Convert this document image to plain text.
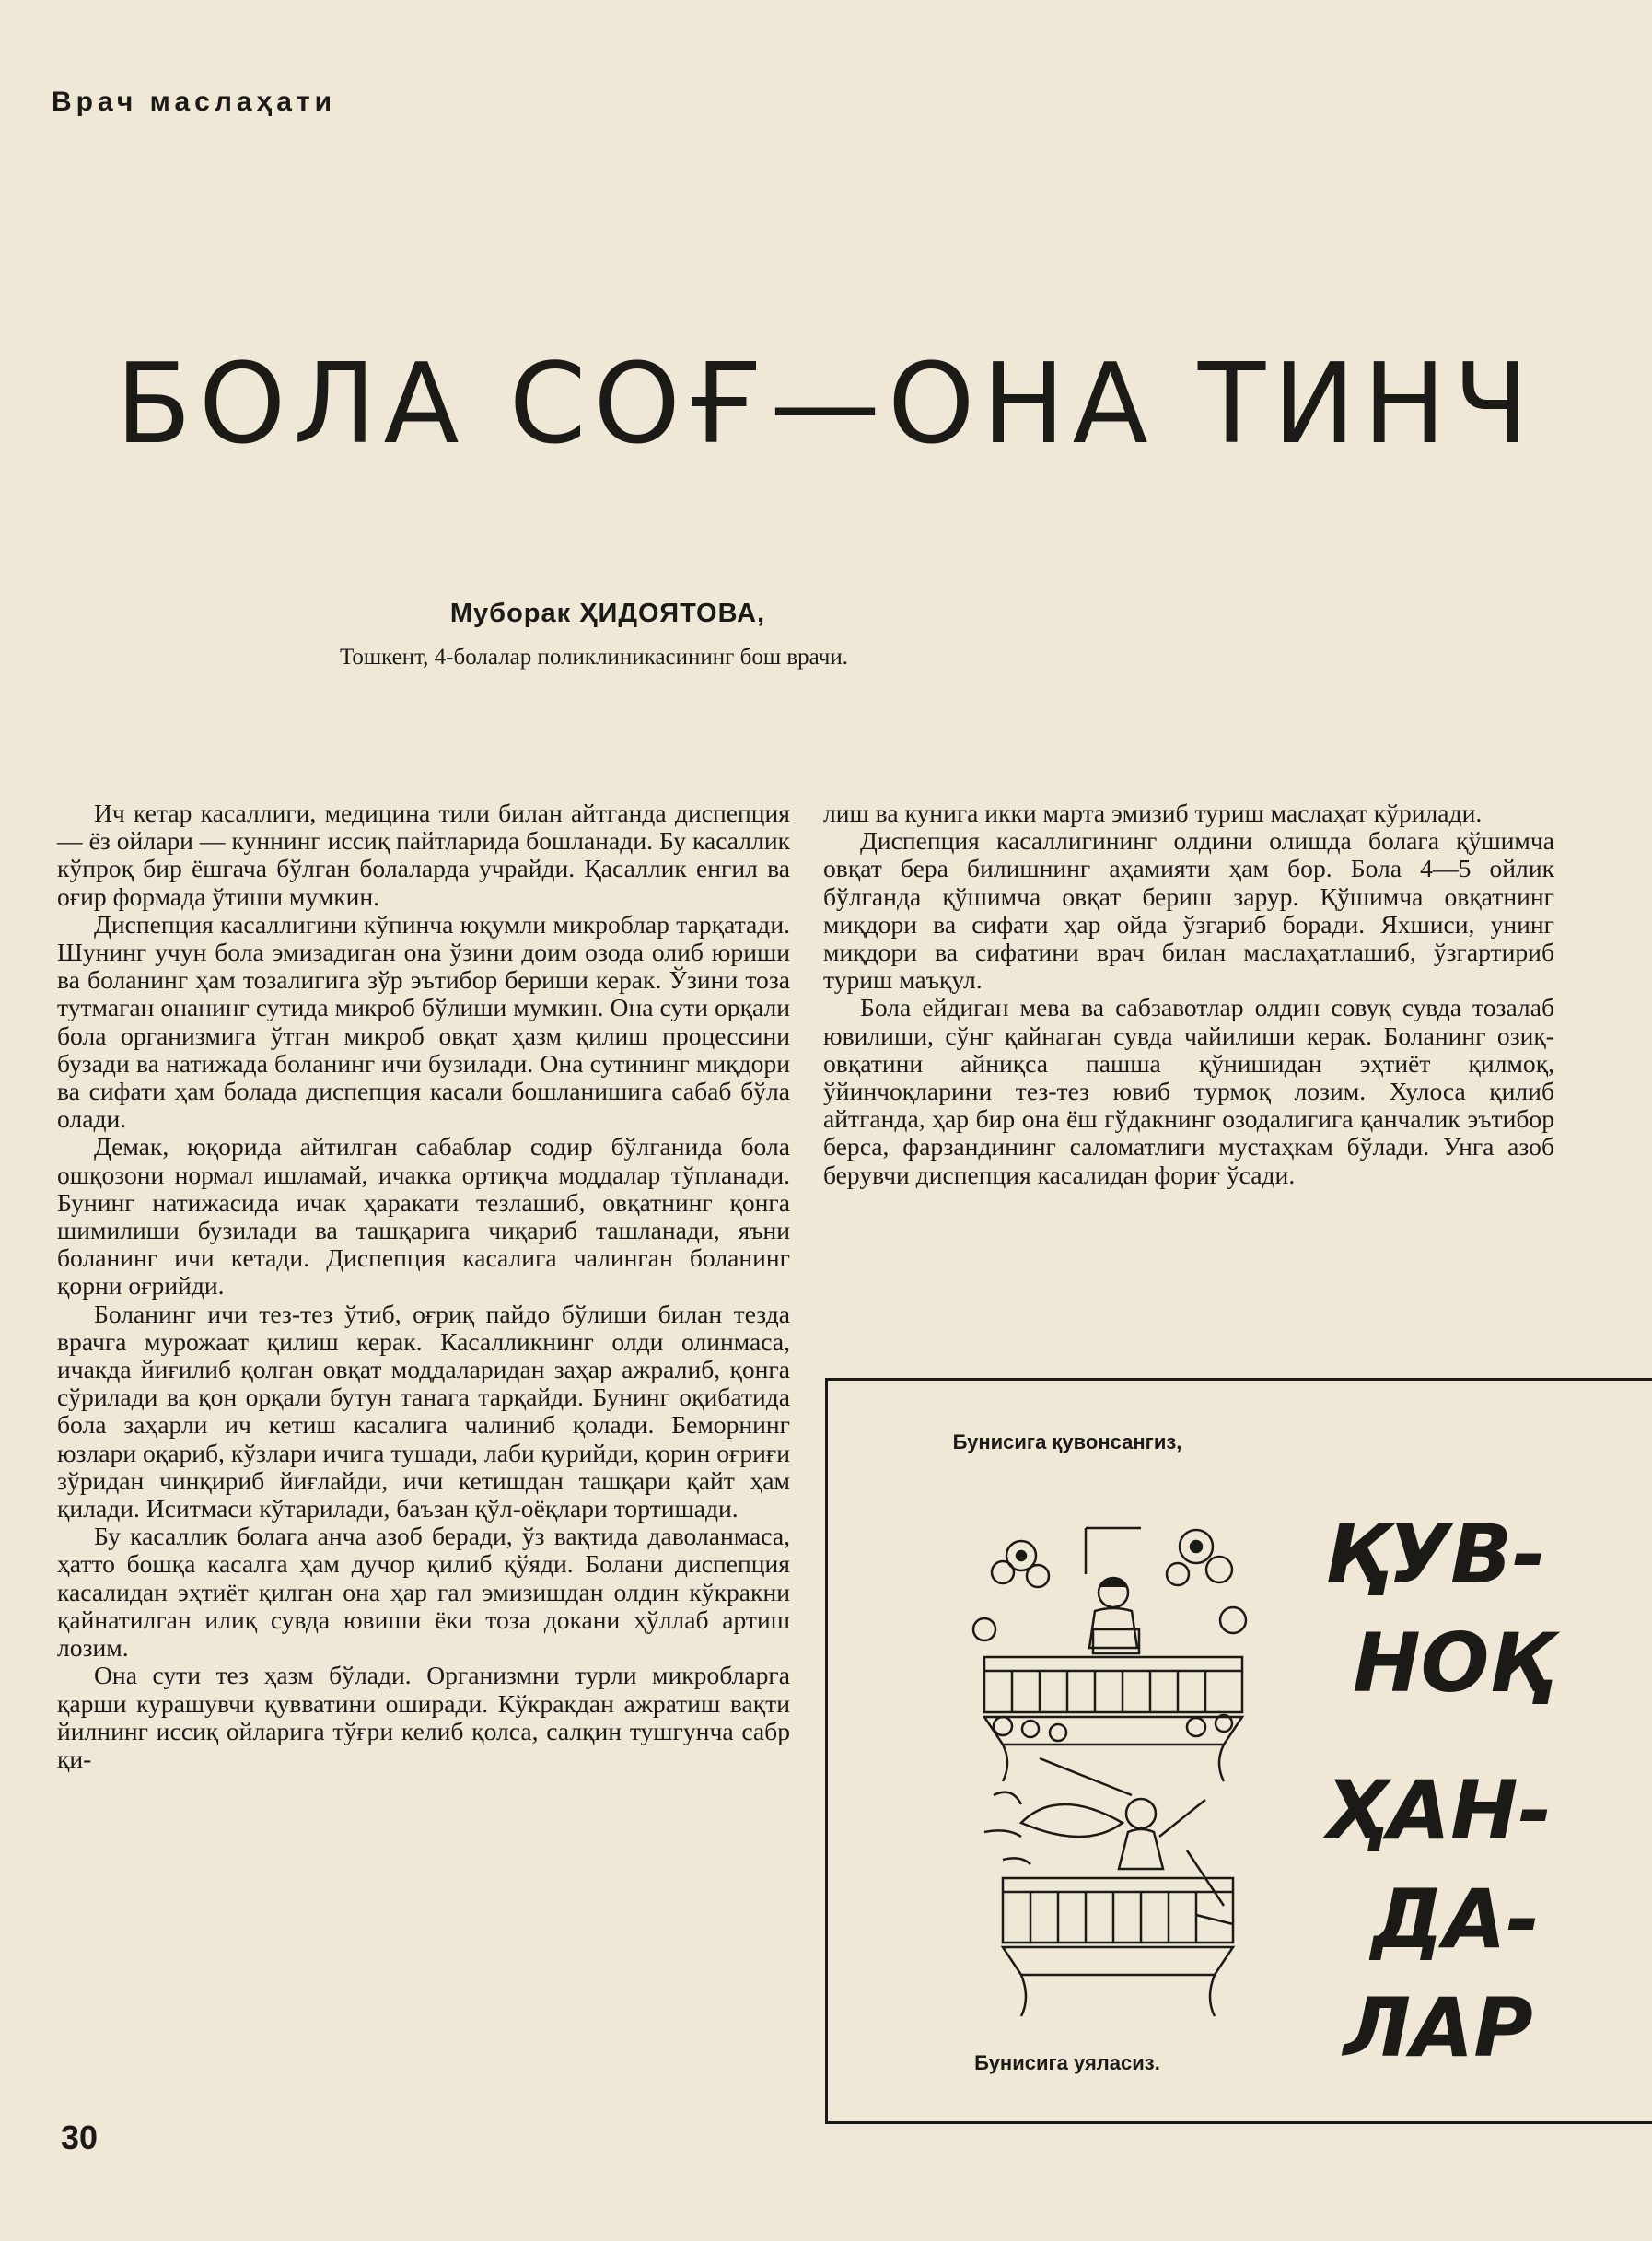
Врач маслаҳати
БОЛА СОҒ—ОНА ТИНЧ
Муборак ҲИДОЯТОВА,
Тошкент, 4-болалар поликлиникасининг бош врачи.

Ич кетар касаллиги, медицина тили билан айтганда диспепция — ёз ойлари — куннинг иссиқ пайтларида бошланади. Бу касаллик кўпроқ бир ёшгача бўлган болаларда учрайди. Қасаллик енгил ва оғир формада ўтиши мумкин.

Диспепция касаллигини кўпинча юқумли микроблар тарқатади. Шунинг учун бола эмизадиган она ўзини доим озода олиб юриши ва боланинг ҳам тозалигига зўр эътибор бериши керак. Ўзини тоза тутмаган онанинг сутида микроб бўлиши мумкин. Она сути орқали бола организмига ўтган микроб овқат ҳазм қилиш процессини бузади ва натижада боланинг ичи бузилади. Она сутининг миқдори ва сифати ҳам болада диспепция касали бошланишига сабаб бўла олади.

Демак, юқорида айтилган сабаблар содир бўлганида бола ошқозони нормал ишламай, ичакка ортиқча моддалар тўпланади. Бунинг натижасида ичак ҳаракати тезлашиб, овқатнинг қонга шимилиши бузилади ва ташқарига чиқариб ташланади, яъни боланинг ичи кетади. Диспепция касалига чалинган боланинг қорни оғрийди.

Боланинг ичи тез-тез ўтиб, оғриқ пайдо бўлиши билан тезда врачга мурожаат қилиш керак. Касалликнинг олди олинмаса, ичакда йиғилиб қолган овқат моддаларидан заҳар ажралиб, қонга сўрилади ва қон орқали бутун танага тарқайди. Бунинг оқибатида бола заҳарли ич кетиш касалига чалиниб қолади. Беморнинг юзлари оқариб, кўзлари ичига тушади, лаби қурийди, қорин оғриғи зўридан чинқириб йиғлайди, ичи кетишдан ташқари қайт ҳам қилади. Иситмаси кўтарилади, баъзан қўл-оёқлари тортишади.

Бу касаллик болага анча азоб беради, ўз вақтида даволанмаса, ҳатто бошқа касалга ҳам дучор қилиб қўяди. Болани диспепция касалидан эҳтиёт қилган она ҳар гал эмизишдан олдин кўкракни қайнатилган илиқ сувда ювиши ёки тоза докани ҳўллаб артиш лозим.

Она сути тез ҳазм бўлади. Организмни турли микробларга қарши курашувчи қувватини оширади. Кўкракдан ажратиш вақти йилнинг иссиқ ойларига тўғри келиб қолса, салқин тушгунча сабр қи-

лиш ва кунига икки марта эмизиб туриш маслаҳат кўрилади.

Диспепция касаллигининг олдини олишда болага қўшимча овқат бера билишнинг аҳамияти ҳам бор. Бола 4—5 ойлик бўлганда қўшимча овқат бериш зарур. Қўшимча овқатнинг миқдори ва сифати ҳар ойда ўзгариб боради. Яхшиси, унинг миқдори ва сифатини врач билан маслаҳатлашиб, ўзгартириб туриш маъқул.

Бола ейдиган мева ва сабзавотлар олдин совуқ сувда тозалаб ювилиши, сўнг қайнаган сувда чайилиши керак. Боланинг озиқ-овқатини айниқса пашша қўнишидан эҳтиёт қилмоқ, ўйинчоқларини тез-тез ювиб турмоқ лозим. Хулоса қилиб айтганда, ҳар бир она ёш гўдакнинг озодалигига қанчалик эътибор берса, фарзандининг саломатлиги мустаҳкам бўлади. Унга азоб берувчи диспепция касалидан фориғ ўсади.

Бунисига қувонсангиз,
ҚУВ-
НОҚ
ҲАН-
ДА-
ЛАР
Бунисига уяласиз.
30
